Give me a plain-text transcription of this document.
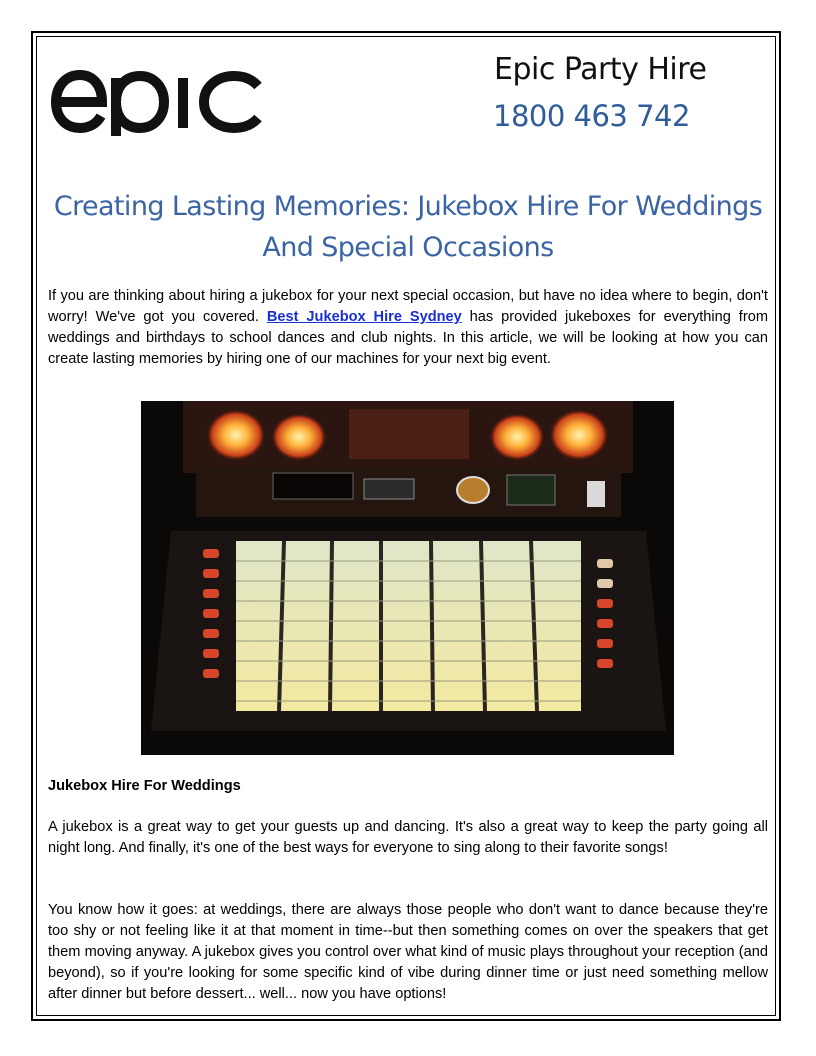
Epic Party Hire
1800 463 742
Creating Lasting Memories: Jukebox Hire For Weddings And Special Occasions

If you are thinking about hiring a jukebox for your next special occasion, but have no idea where to begin, don't worry! We've got you covered. Best Jukebox Hire Sydney has provided jukeboxes for everything from weddings and birthdays to school dances and club nights. In this article, we will be looking at how you can create lasting memories by hiring one of our machines for your next big event.

Jukebox Hire For Weddings

A jukebox is a great way to get your guests up and dancing. It's also a great way to keep the party going all night long. And finally, it's one of the best ways for everyone to sing along to their favorite songs!

You know how it goes: at weddings, there are always those people who don't want to dance because they're too shy or not feeling like it at that moment in time--but then something comes on over the speakers that get them moving anyway. A jukebox gives you control over what kind of music plays throughout your reception (and beyond), so if you're looking for some specific kind of vibe during dinner time or just need something mellow after dinner but before dessert... well... now you have options!
